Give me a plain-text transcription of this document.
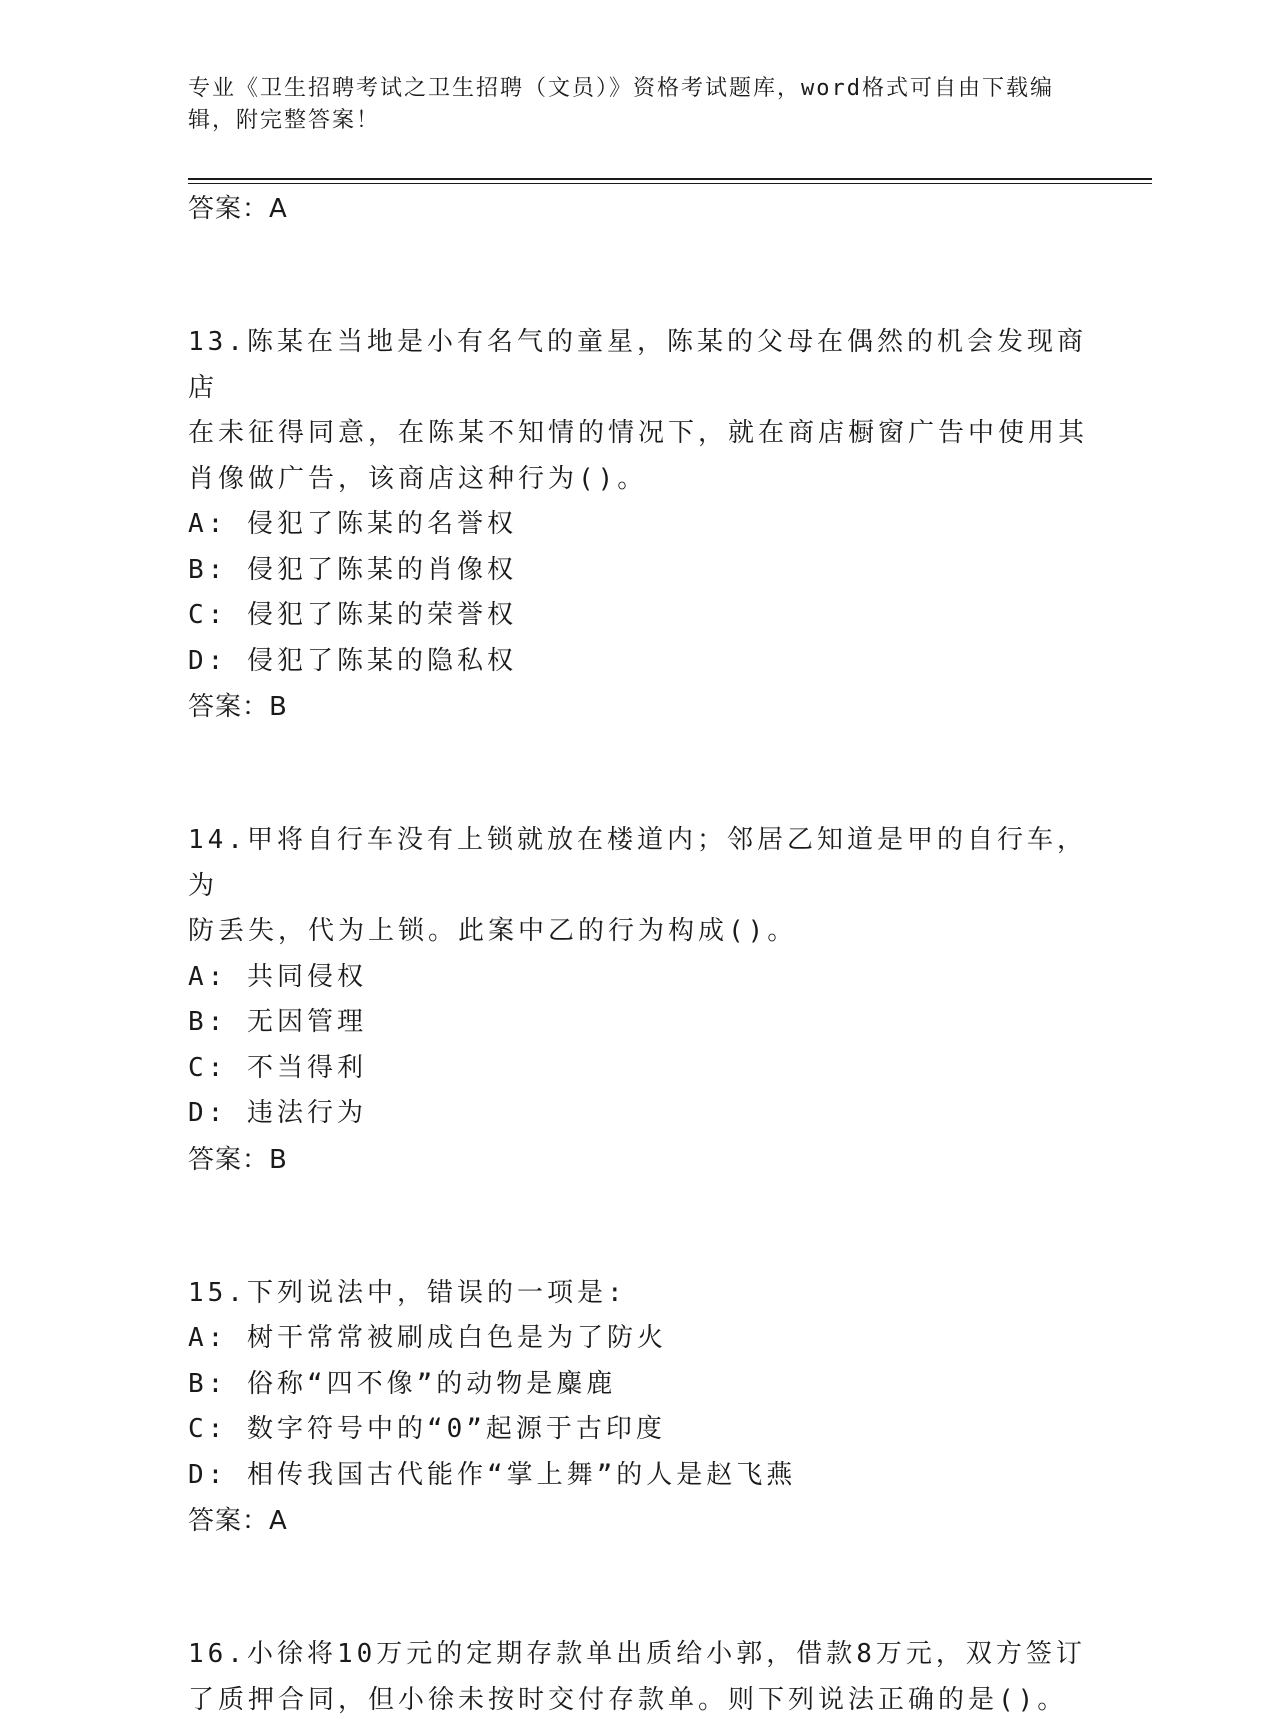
专业《卫生招聘考试之卫生招聘（文员）》资格考试题库，word格式可自由下载编辑，附完整答案！

答案：A

13.陈某在当地是小有名气的童星，陈某的父母在偶然的机会发现商店
在未征得同意，在陈某不知情的情况下，就在商店橱窗广告中使用其
肖像做广告，该商店这种行为()。

A: 侵犯了陈某的名誉权

B: 侵犯了陈某的肖像权

C: 侵犯了陈某的荣誉权

D: 侵犯了陈某的隐私权

答案：B

14.甲将自行车没有上锁就放在楼道内；邻居乙知道是甲的自行车，为
防丢失，代为上锁。此案中乙的行为构成()。

A: 共同侵权

B: 无因管理

C: 不当得利

D: 违法行为

答案：B

15.下列说法中，错误的一项是:

A: 树干常常被刷成白色是为了防火

B: 俗称“四不像”的动物是麋鹿

C: 数字符号中的“0”起源于古印度

D: 相传我国古代能作“掌上舞”的人是赵飞燕

答案：A

16.小徐将10万元的定期存款单出质给小郭，借款8万元，双方签订
了质押合同，但小徐未按时交付存款单。则下列说法正确的是()。
